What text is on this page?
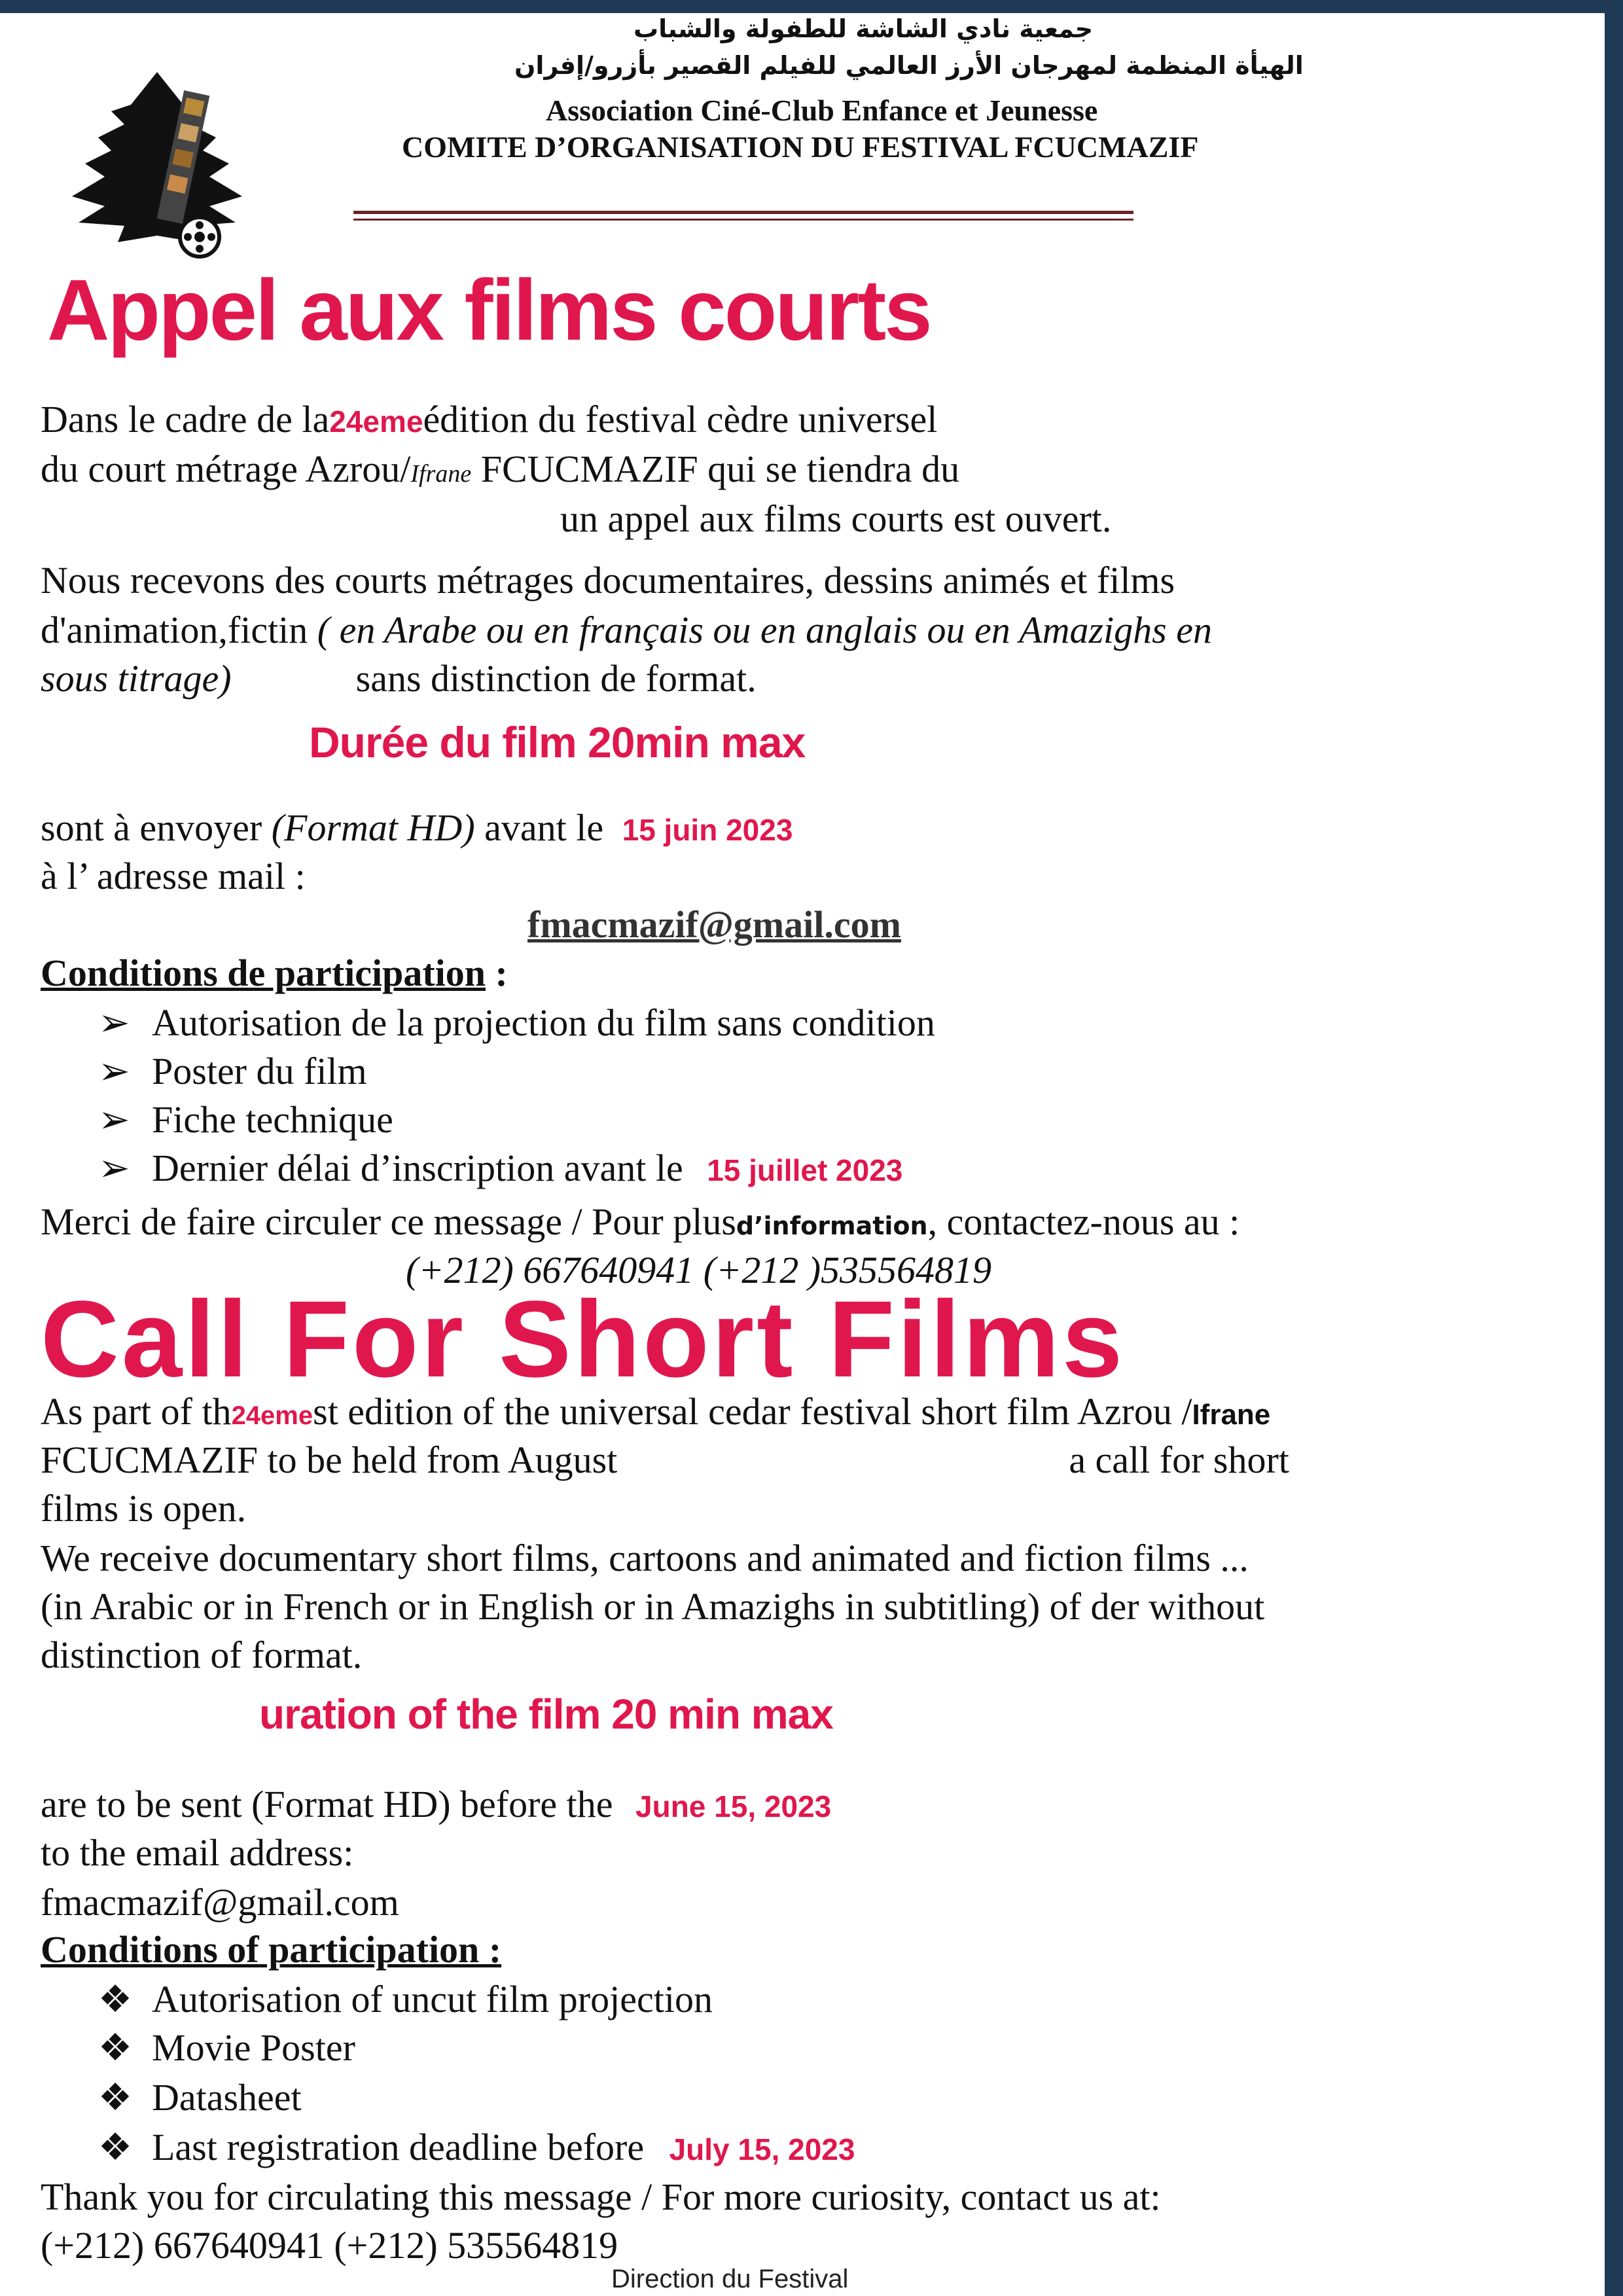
جمعية نادي الشاشة للطفولة والشباب
الهيأة المنظمة لمهرجان الأرز العالمي للفيلم القصير بأزرو/إفران
Association Ciné-Club Enfance et Jeunesse
COMITE D’ORGANISATION DU FESTIVAL FCUCMAZIF
Appel aux films courts
Dans le cadre de la24emeédition du festival cèdre universel
du court métrage Azrou/Ifrane FCUCMAZIF qui se tiendra du
un appel aux films courts est ouvert.
Nous recevons des courts métrages documentaires, dessins animés et films
d'animation,fictin ( en Arabe ou en français ou en anglais ou en Amazighs en
sous titrage)	sans distinction de format.
Durée du film 20min max
sont à envoyer (Format HD) avant le 15 juin 2023
à l’ adresse mail :
fmacmazif@gmail.com
Conditions de participation :
➢ Autorisation de la projection du film sans condition
➢ Poster du film
➢ Fiche technique
➢ Dernier délai d’inscription avant le 15 juillet 2023
Merci de faire circuler ce message / Pour plusd’information, contactez-nous au :
(+212) 667640941 (+212 )535564819
Call For Short Films
As part of th24emest edition of the universal cedar festival short film Azrou /Ifrane
FCUCMAZIF to be held from August	a call for short
films is open.
We receive documentary short films, cartoons and animated and fiction films ...
(in Arabic or in French or in English or in Amazighs in subtitling) of der without
distinction of format.
uration of the film 20 min max
are to be sent (Format HD) before the June 15, 2023
to the email address:
fmacmazif@gmail.com
Conditions of participation :
❖ Autorisation of uncut film projection
❖ Movie Poster
❖ Datasheet
❖ Last registration deadline before July 15, 2023
Thank you for circulating this message / For more curiosity, contact us at:
(+212) 667640941 (+212) 535564819
Direction du Festival
